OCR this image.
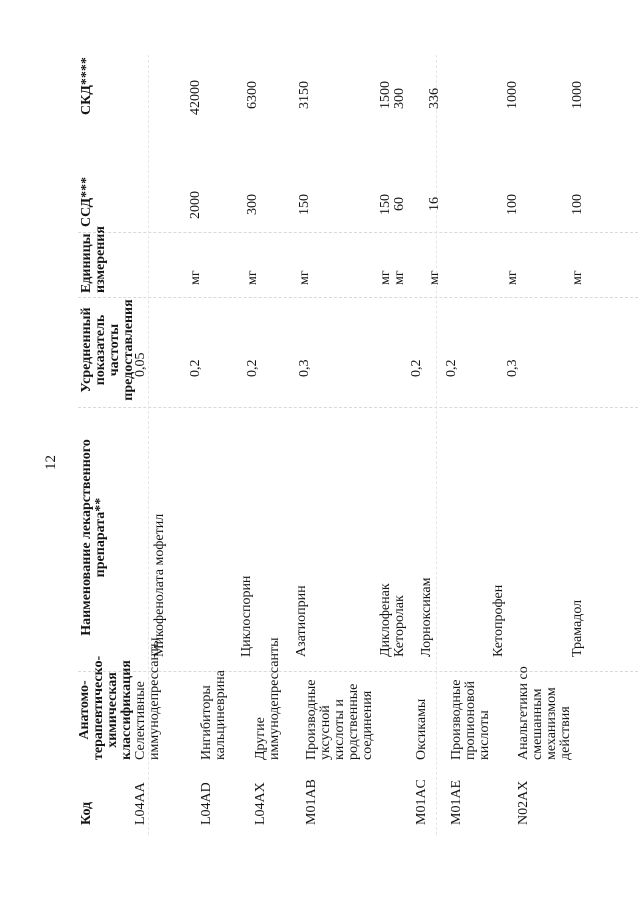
12
Код
Анатомо-терапевтическо-химическая классификация
Наименование лекарственного препарата**
Усредненный показатель частоты предоставления
Единицы измерения
ССД***
СКД****
L04AA
Селективные иммунодепрессанты
0,05
Микофенолата мофетил
0,2
мг
2000
42000
L04AD
Ингибиторы кальциневрина
Циклоспорин
0,2
мг
300
6300
L04AX
Другие иммунодепрессанты
Азатиоприн
0,3
мг
150
3150
M01AB
Производные уксусной кислоты и родственные соединения
Диклофенак
мг
150
1500
Кеторолак
0,2
мг
60
300
M01AC
Оксикамы
Лорноксикам
0,2
мг
16
336
M01AE
Производные пропионовой кислоты
Кетопрофен
0,3
мг
100
1000
N02AX
Анальгетики со смешанным механизмом действия
Трамадол
мг
100
1000
